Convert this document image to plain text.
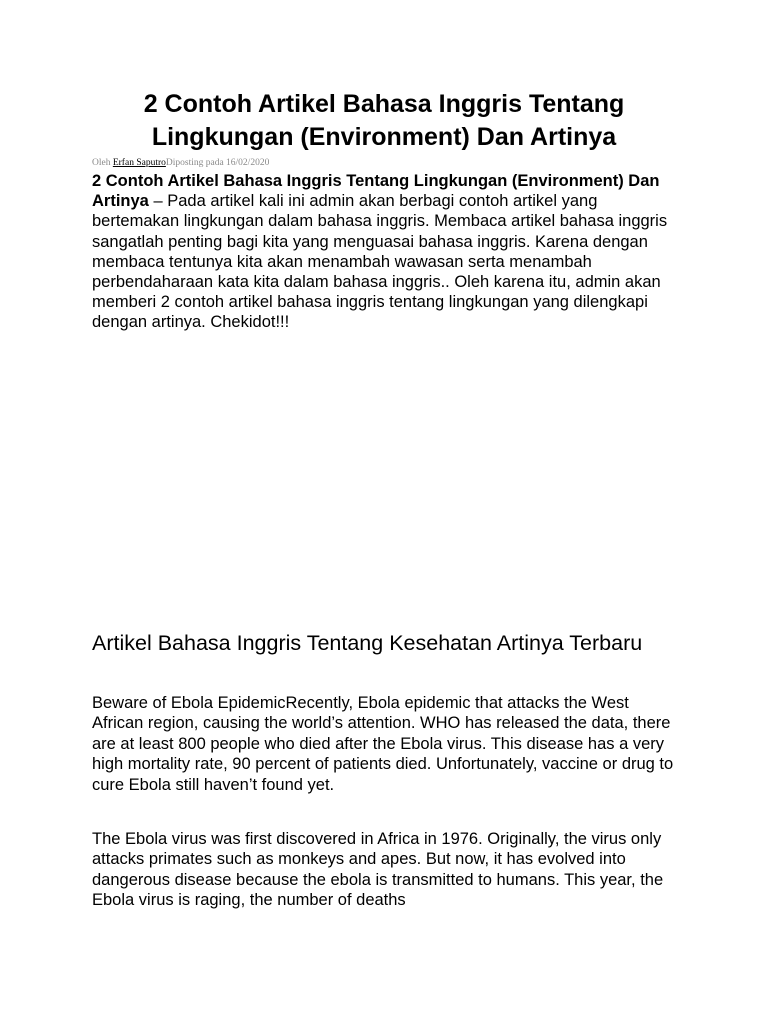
2 Contoh Artikel Bahasa Inggris Tentang Lingkungan (Environment) Dan Artinya
Oleh Erfan SaputroDiposting pada 16/02/2020

2 Contoh Artikel Bahasa Inggris Tentang Lingkungan (Environment) Dan Artinya – Pada artikel kali ini admin akan berbagi contoh artikel yang bertemakan lingkungan dalam bahasa inggris. Membaca artikel bahasa inggris sangatlah penting bagi kita yang menguasai bahasa inggris. Karena dengan membaca tentunya kita akan menambah wawasan serta menambah perbendaharaan kata kita dalam bahasa inggris.. Oleh karena itu, admin akan memberi 2 contoh artikel bahasa inggris tentang lingkungan yang dilengkapi dengan artinya. Chekidot!!!

Artikel Bahasa Inggris Tentang Kesehatan Artinya Terbaru

Beware of Ebola EpidemicRecently, Ebola epidemic that attacks the West African region, causing the world’s attention. WHO has released the data, there are at least 800 people who died after the Ebola virus. This disease has a very high mortality rate, 90 percent of patients died. Unfortunately, vaccine or drug to cure Ebola still haven’t found yet.

The Ebola virus was first discovered in Africa in 1976. Originally, the virus only attacks primates such as monkeys and apes. But now, it has evolved into dangerous disease because the ebola is transmitted to humans. This year, the Ebola virus is raging, the number of deaths
